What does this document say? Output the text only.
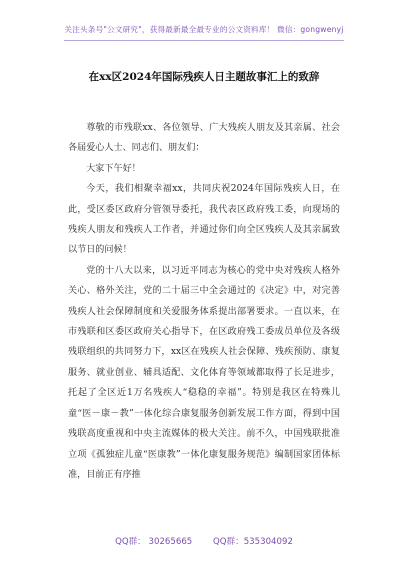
关注头条号"公文研究"，获得最新最全最专业的公文资料库！ 微信：gongwenyj
在xx区2024年国际残疾人日主题故事汇上的致辞

尊敬的市残联xx、各位领导、广大残疾人朋友及其亲属、社会各届爱心人士、同志们、朋友们：

大家下午好！

今天，我们相聚幸福xx，共同庆祝2024年国际残疾人日，在此，受区委区政府分管领导委托，我代表区政府残工委，向现场的残疾人朋友和残疾人工作者，并通过你们向全区残疾人及其亲属致以节日的问候！

党的十八大以来，以习近平同志为核心的党中央对残疾人格外关心、格外关注，党的二十届三中全会通过的《决定》中，对完善残疾人社会保障制度和关爱服务体系提出部署要求。一直以来，在市残联和区委区政府关心指导下，在区政府残工委成员单位及各级残联组织的共同努力下，xx区在残疾人社会保障、残疾预防、康复服务、就业创业、辅具适配、文化体育等领域都取得了长足进步，托起了全区近1万名残疾人“稳稳的幸福”。特别是我区在特殊儿童“医－康－教”一体化综合康复服务创新发展工作方面，得到中国残联高度重视和中央主流媒体的极大关注。前不久，中国残联批准立项《孤独症儿童“医康教”一体化康复服务规范》编制国家团体标准，目前正有序推

QQ群： 30265665 QQ群：535304092
